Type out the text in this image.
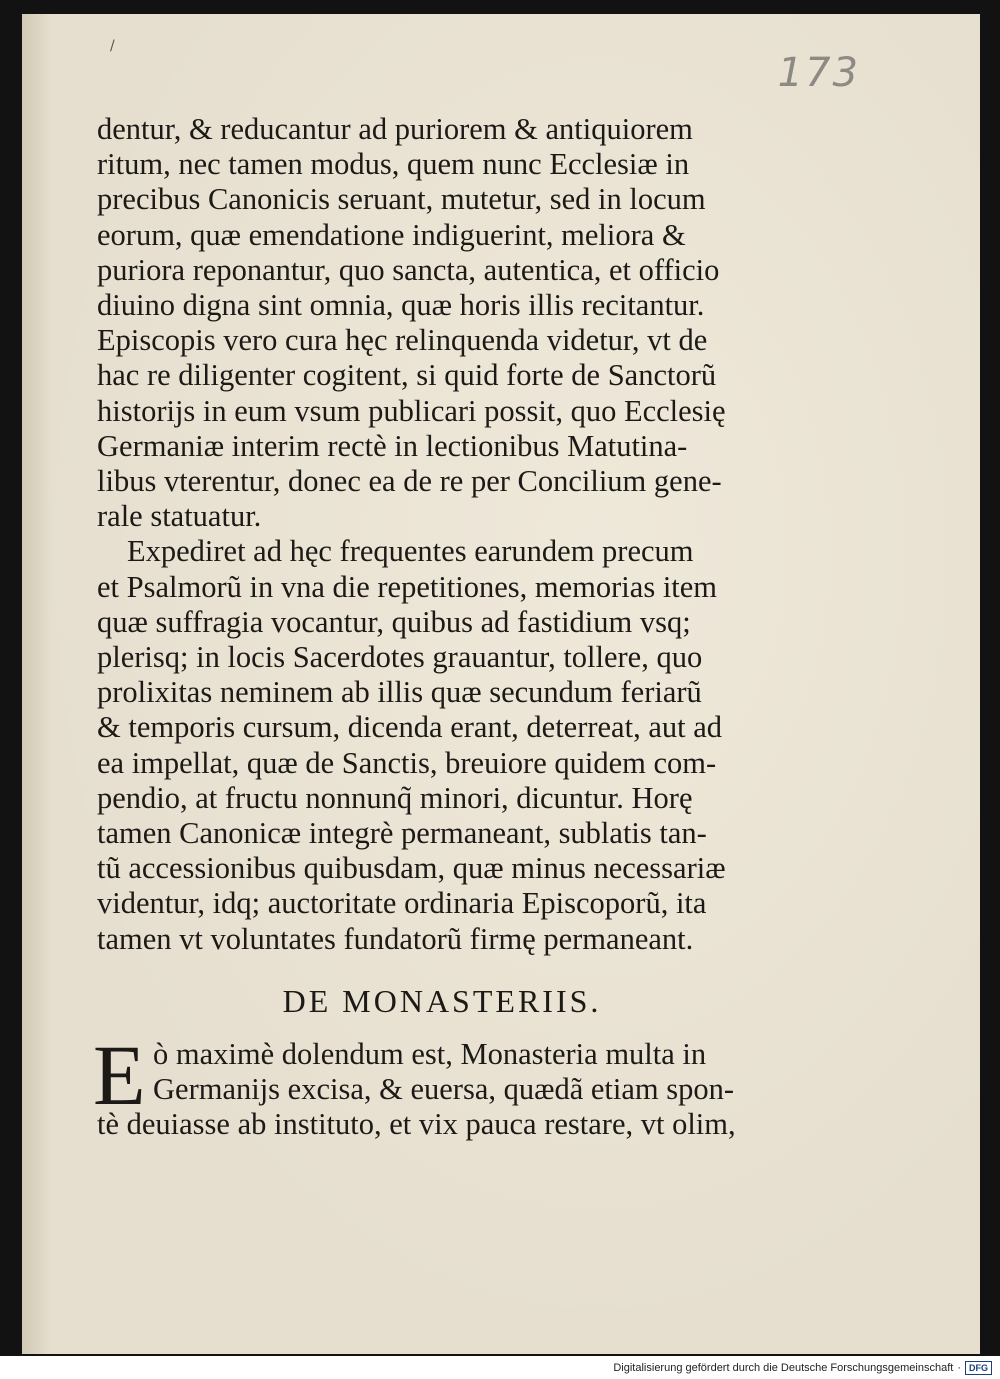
/
173
dentur, & reducantur ad puriorem & antiquiorem
ritum, nec tamen modus, quem nunc Ecclesiæ in
precibus Canonicis seruant, mutetur, sed in locum
eorum, quæ emendatione indiguerint, meliora &
puriora reponantur, quo sancta, autentica, et officio
diuino digna sint omnia, quæ horis illis recitantur.
Episcopis vero cura hęc relinquenda videtur, vt de
hac re diligenter cogitent, si quid forte de Sanctorũ
historijs in eum vsum publicari possit, quo Ecclesię
Germaniæ interim rectè in lectionibus Matutina-
libus vterentur, donec ea de re per Concilium gene-
rale statuatur.
Expediret ad hęc frequentes earundem precum
et Psalmorũ in vna die repetitiones, memorias item
quæ suffragia vocantur, quibus ad fastidium vsq;
plerisq; in locis Sacerdotes grauantur, tollere, quo
prolixitas neminem ab illis quæ secundum feriarũ
& temporis cursum, dicenda erant, deterreat, aut ad
ea impellat, quæ de Sanctis, breuiore quidem com-
pendio, at fructu nonnunq̃ minori, dicuntur. Horę
tamen Canonicæ integrè permaneant, sublatis tan-
tũ accessionibus quibusdam, quæ minus necessariæ
videntur, idq; auctoritate ordinaria Episcoporũ, ita
tamen vt voluntates fundatorũ firmę permaneant.
DE MONASTERIIS.
E ò maximè dolendum est, Monasteria multa in
Germanijs excisa, & euersa, quædã etiam spon-
tè deuiasse ab instituto, et vix pauca restare, vt olim,
Digitalisierung gefördert durch die Deutsche Forschungsgemeinschaft · DFG
